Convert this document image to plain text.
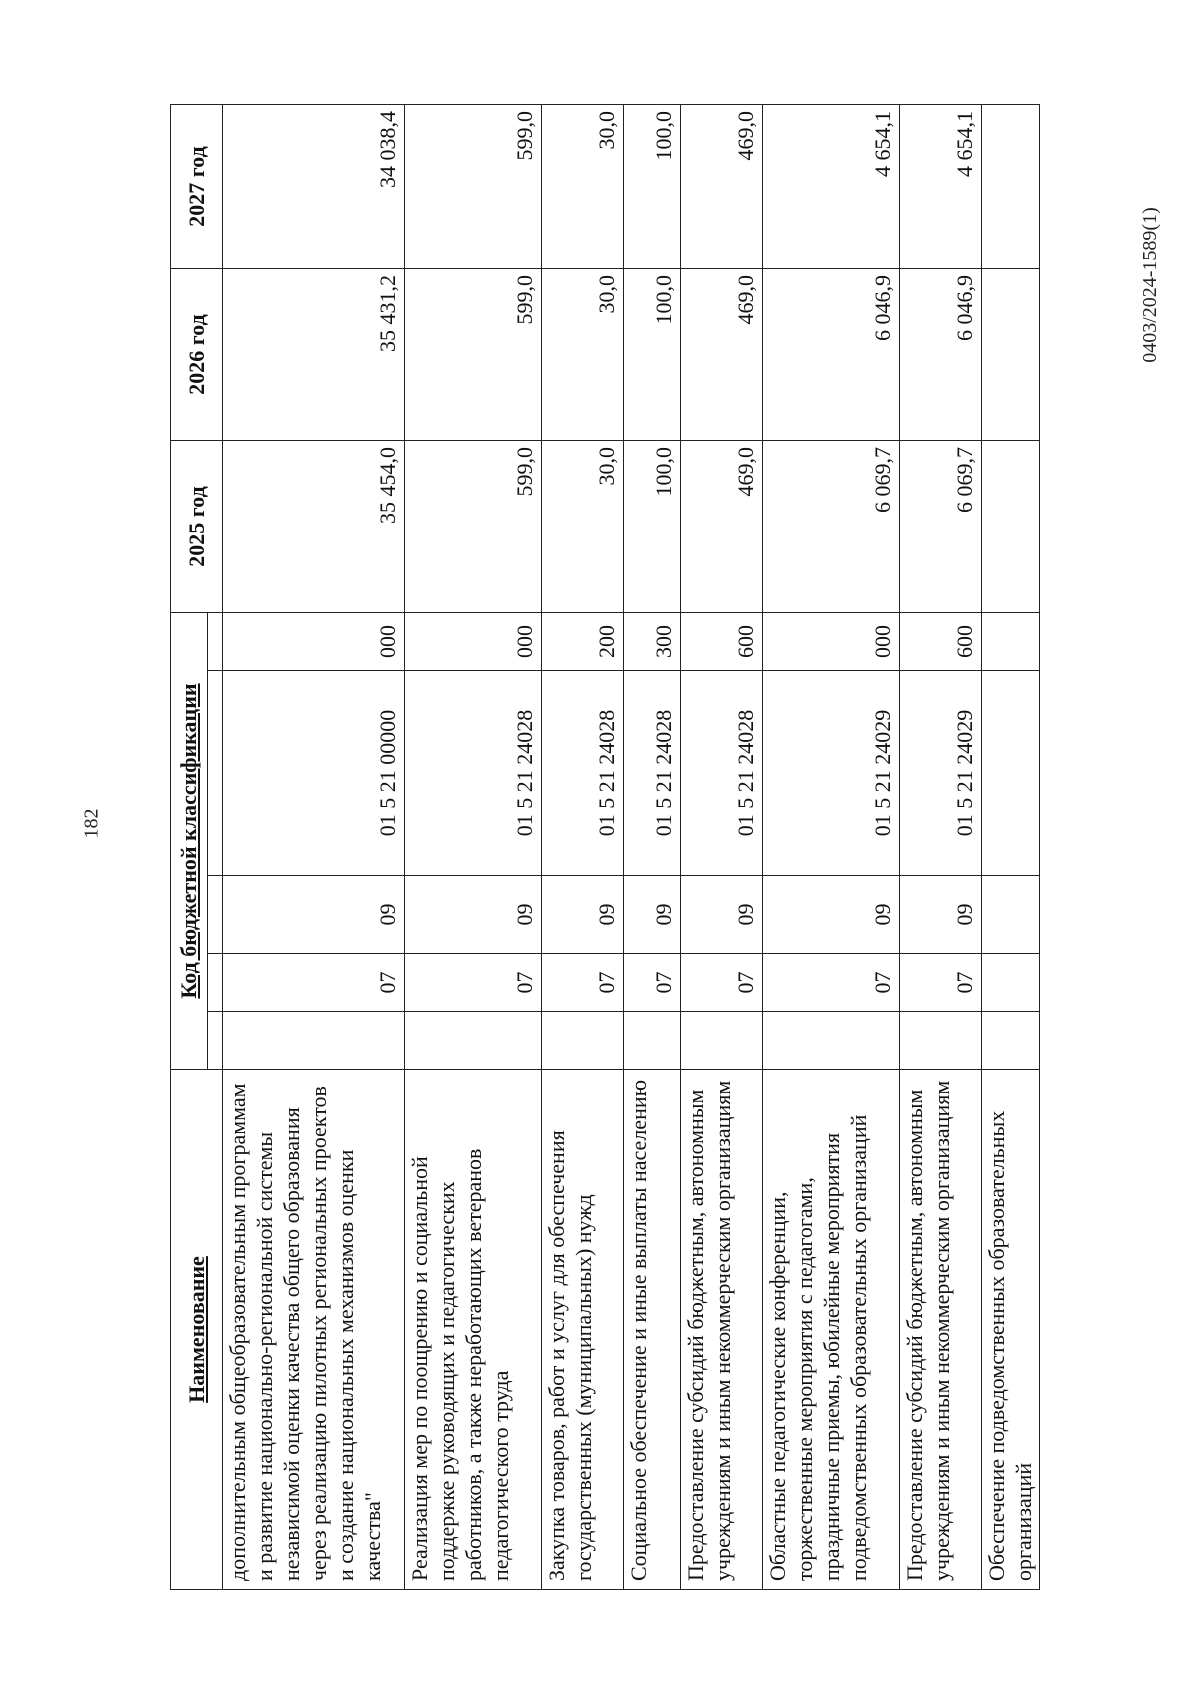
182
0403/2024-1589(1)
Наименование	Код бюджетной классификации					2025 год	2026 год	2027 год

дополнительным общеобразовательным программам и развитие национально-региональной системы независимой оценки качества общего образования через реализацию пилотных региональных проектов и создание национальных механизмов оценки качества"		07	09	01 5 21 00000	000	35 454,0	35 431,2	34 038,4
Реализация мер по поощрению и социальной поддержке руководящих и педагогических работников, а также неработающих ветеранов педагогического труда		07	09	01 5 21 24028	000	599,0	599,0	599,0
Закупка товаров, работ и услуг для обеспечения государственных (муниципальных) нужд		07	09	01 5 21 24028	200	30,0	30,0	30,0
Социальное обеспечение и иные выплаты населению		07	09	01 5 21 24028	300	100,0	100,0	100,0
Предоставление субсидий бюджетным, автономным учреждениям и иным некоммерческим организациям		07	09	01 5 21 24028	600	469,0	469,0	469,0
Областные педагогические конференции, торжественные мероприятия с педагогами, праздничные приемы, юбилейные мероприятия подведомственных образовательных организаций		07	09	01 5 21 24029	000	6 069,7	6 046,9	4 654,1
Предоставление субсидий бюджетным, автономным учреждениям и иным некоммерческим организациям		07	09	01 5 21 24029	600	6 069,7	6 046,9	4 654,1
Обеспечение подведомственных образовательных организаций								
